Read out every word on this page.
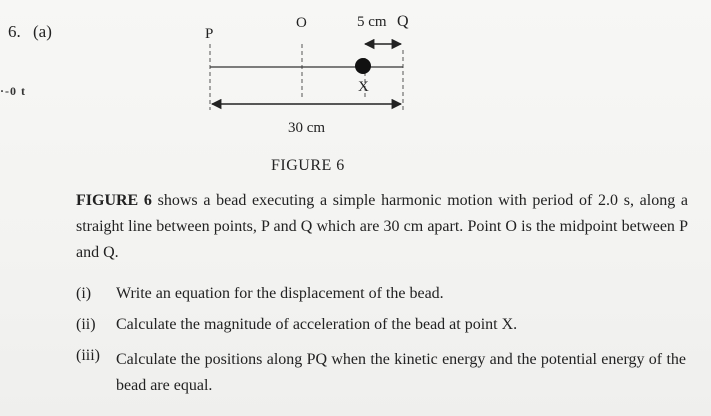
6. (a)
·-0 t
P
O	5 cm Q
X
30 cm
FIGURE 6
FIGURE 6 shows a bead executing a simple harmonic motion with period of 2.0 s, along a straight line between points, P and Q which are 30 cm apart. Point O is the midpoint between P and Q.
(i) Write an equation for the displacement of the bead.
(ii) Calculate the magnitude of acceleration of the bead at point X.
(iii) Calculate the positions along PQ when the kinetic energy and the potential energy of the bead are equal.
